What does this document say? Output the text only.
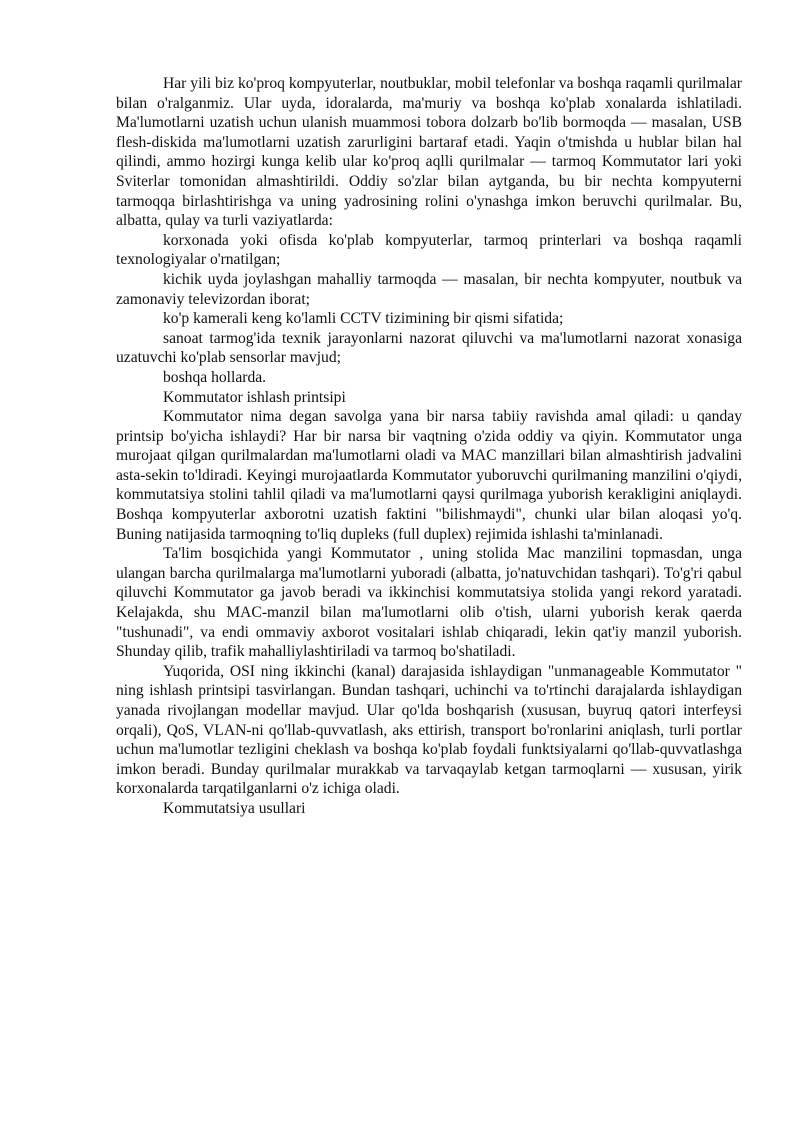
Har yili biz ko'proq kompyuterlar, noutbuklar, mobil telefonlar va boshqa raqamli qurilmalar bilan o'ralganmiz. Ular uyda, idoralarda, ma'muriy va boshqa ko'plab xonalarda ishlatiladi. Ma'lumotlarni uzatish uchun ulanish muammosi tobora dolzarb bo'lib bormoqda — masalan, USB flesh-diskida ma'lumotlarni uzatish zarurligini bartaraf etadi. Yaqin o'tmishda u hublar bilan hal qilindi, ammo hozirgi kunga kelib ular ko'proq aqlli qurilmalar — tarmoq Kommutator lari yoki Sviterlar tomonidan almashtirildi. Oddiy so'zlar bilan aytganda, bu bir nechta kompyuterni tarmoqqa birlashtirishga va uning yadrosining rolini o'ynashga imkon beruvchi qurilmalar. Bu, albatta, qulay va turli vaziyatlarda:

korxonada yoki ofisda ko'plab kompyuterlar, tarmoq printerlari va boshqa raqamli texnologiyalar o'rnatilgan;

kichik uyda joylashgan mahalliy tarmoqda — masalan, bir nechta kompyuter, noutbuk va zamonaviy televizordan iborat;

ko'p kamerali keng ko'lamli CCTV tizimining bir qismi sifatida;

sanoat tarmog'ida texnik jarayonlarni nazorat qiluvchi va ma'lumotlarni nazorat xonasiga uzatuvchi ko'plab sensorlar mavjud;

boshqa hollarda.

Kommutator ishlash printsipi

Kommutator nima degan savolga yana bir narsa tabiiy ravishda amal qiladi: u qanday printsip bo'yicha ishlaydi? Har bir narsa bir vaqtning o'zida oddiy va qiyin. Kommutator unga murojaat qilgan qurilmalardan ma'lumotlarni oladi va MAC manzillari bilan almashtirish jadvalini asta-sekin to'ldiradi. Keyingi murojaatlarda Kommutator yuboruvchi qurilmaning manzilini o'qiydi, kommutatsiya stolini tahlil qiladi va ma'lumotlarni qaysi qurilmaga yuborish kerakligini aniqlaydi. Boshqa kompyuterlar axborotni uzatish faktini "bilishmaydi", chunki ular bilan aloqasi yo'q. Buning natijasida tarmoqning to'liq dupleks (full duplex) rejimida ishlashi ta'minlanadi.

Ta'lim bosqichida yangi Kommutator , uning stolida Mac manzilini topmasdan, unga ulangan barcha qurilmalarga ma'lumotlarni yuboradi (albatta, jo'natuvchidan tashqari). To'g'ri qabul qiluvchi Kommutator ga javob beradi va ikkinchisi kommutatsiya stolida yangi rekord yaratadi. Kelajakda, shu MAC-manzil bilan ma'lumotlarni olib o'tish, ularni yuborish kerak qaerda "tushunadi", va endi ommaviy axborot vositalari ishlab chiqaradi, lekin qat'iy manzil yuborish. Shunday qilib, trafik mahalliylashtiriladi va tarmoq bo'shatiladi.

Yuqorida, OSI ning ikkinchi (kanal) darajasida ishlaydigan "unmanageable Kommutator " ning ishlash printsipi tasvirlangan. Bundan tashqari, uchinchi va to'rtinchi darajalarda ishlaydigan yanada rivojlangan modellar mavjud. Ular qo'lda boshqarish (xususan, buyruq qatori interfeysi orqali), QoS, VLAN-ni qo'llab-quvvatlash, aks ettirish, transport bo'ronlarini aniqlash, turli portlar uchun ma'lumotlar tezligini cheklash va boshqa ko'plab foydali funktsiyalarni qo'llab-quvvatlashga imkon beradi. Bunday qurilmalar murakkab va tarvaqaylab ketgan tarmoqlarni — xususan, yirik korxonalarda tarqatilganlarni o'z ichiga oladi.

Kommutatsiya usullari
